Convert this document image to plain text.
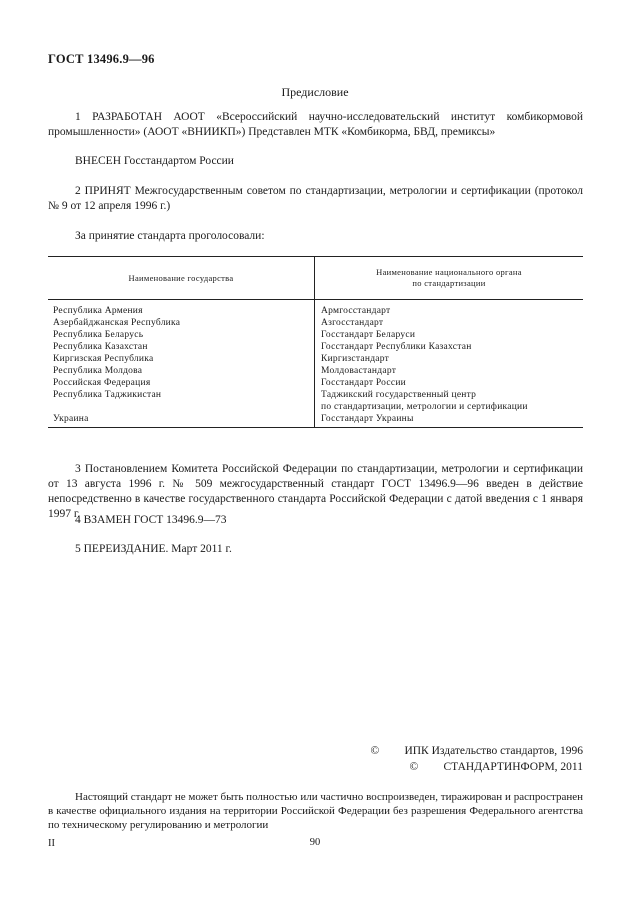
ГОСТ 13496.9—96
Предисловие
1 РАЗРАБОТАН АООТ «Всероссийский научно-исследовательский институт комбикормовой промышленности» (АООТ «ВНИИКП») Представлен МТК «Комбикорма, БВД, премиксы»
ВНЕСЕН Госстандартом России
2 ПРИНЯТ Межгосударственным советом по стандартизации, метрологии и сертификации (протокол № 9 от 12 апреля 1996 г.)
За принятие стандарта проголосовали:
Наименование государства
Наименование национального органа
по стандартизации
Республика Армения
Азербайджанская Республика
Республика Беларусь
Республика Казахстан
Киргизская Республика
Республика Молдова
Российская Федерация
Республика Таджикистан
Украина
Армгосстандарт
Азгосстандарт
Госстандарт Беларуси
Госстандарт Республики Казахстан
Киргизстандарт
Молдовастандарт
Госстандарт России
Таджикский государственный центр
по стандартизации, метрологии и сертификации
Госстандарт Украины
3 Постановлением Комитета Российской Федерации по стандартизации, метрологии и сертификации от 13 августа 1996 г. № 509 межгосударственный стандарт ГОСТ 13496.9—96 введен в действие непосредственно в качестве государственного стандарта Российской Федерации с датой введения с 1 января 1997 г.
4 ВЗАМЕН ГОСТ 13496.9—73
5 ПЕРЕИЗДАНИЕ. Март 2011 г.
© ИПК Издательство стандартов, 1996
© СТАНДАРТИНФОРМ, 2011
Настоящий стандарт не может быть полностью или частично воспроизведен, тиражирован и распространен в качестве официального издания на территории Российской Федерации без разрешения Федерального агентства по техническому регулированию и метрологии
II	90
